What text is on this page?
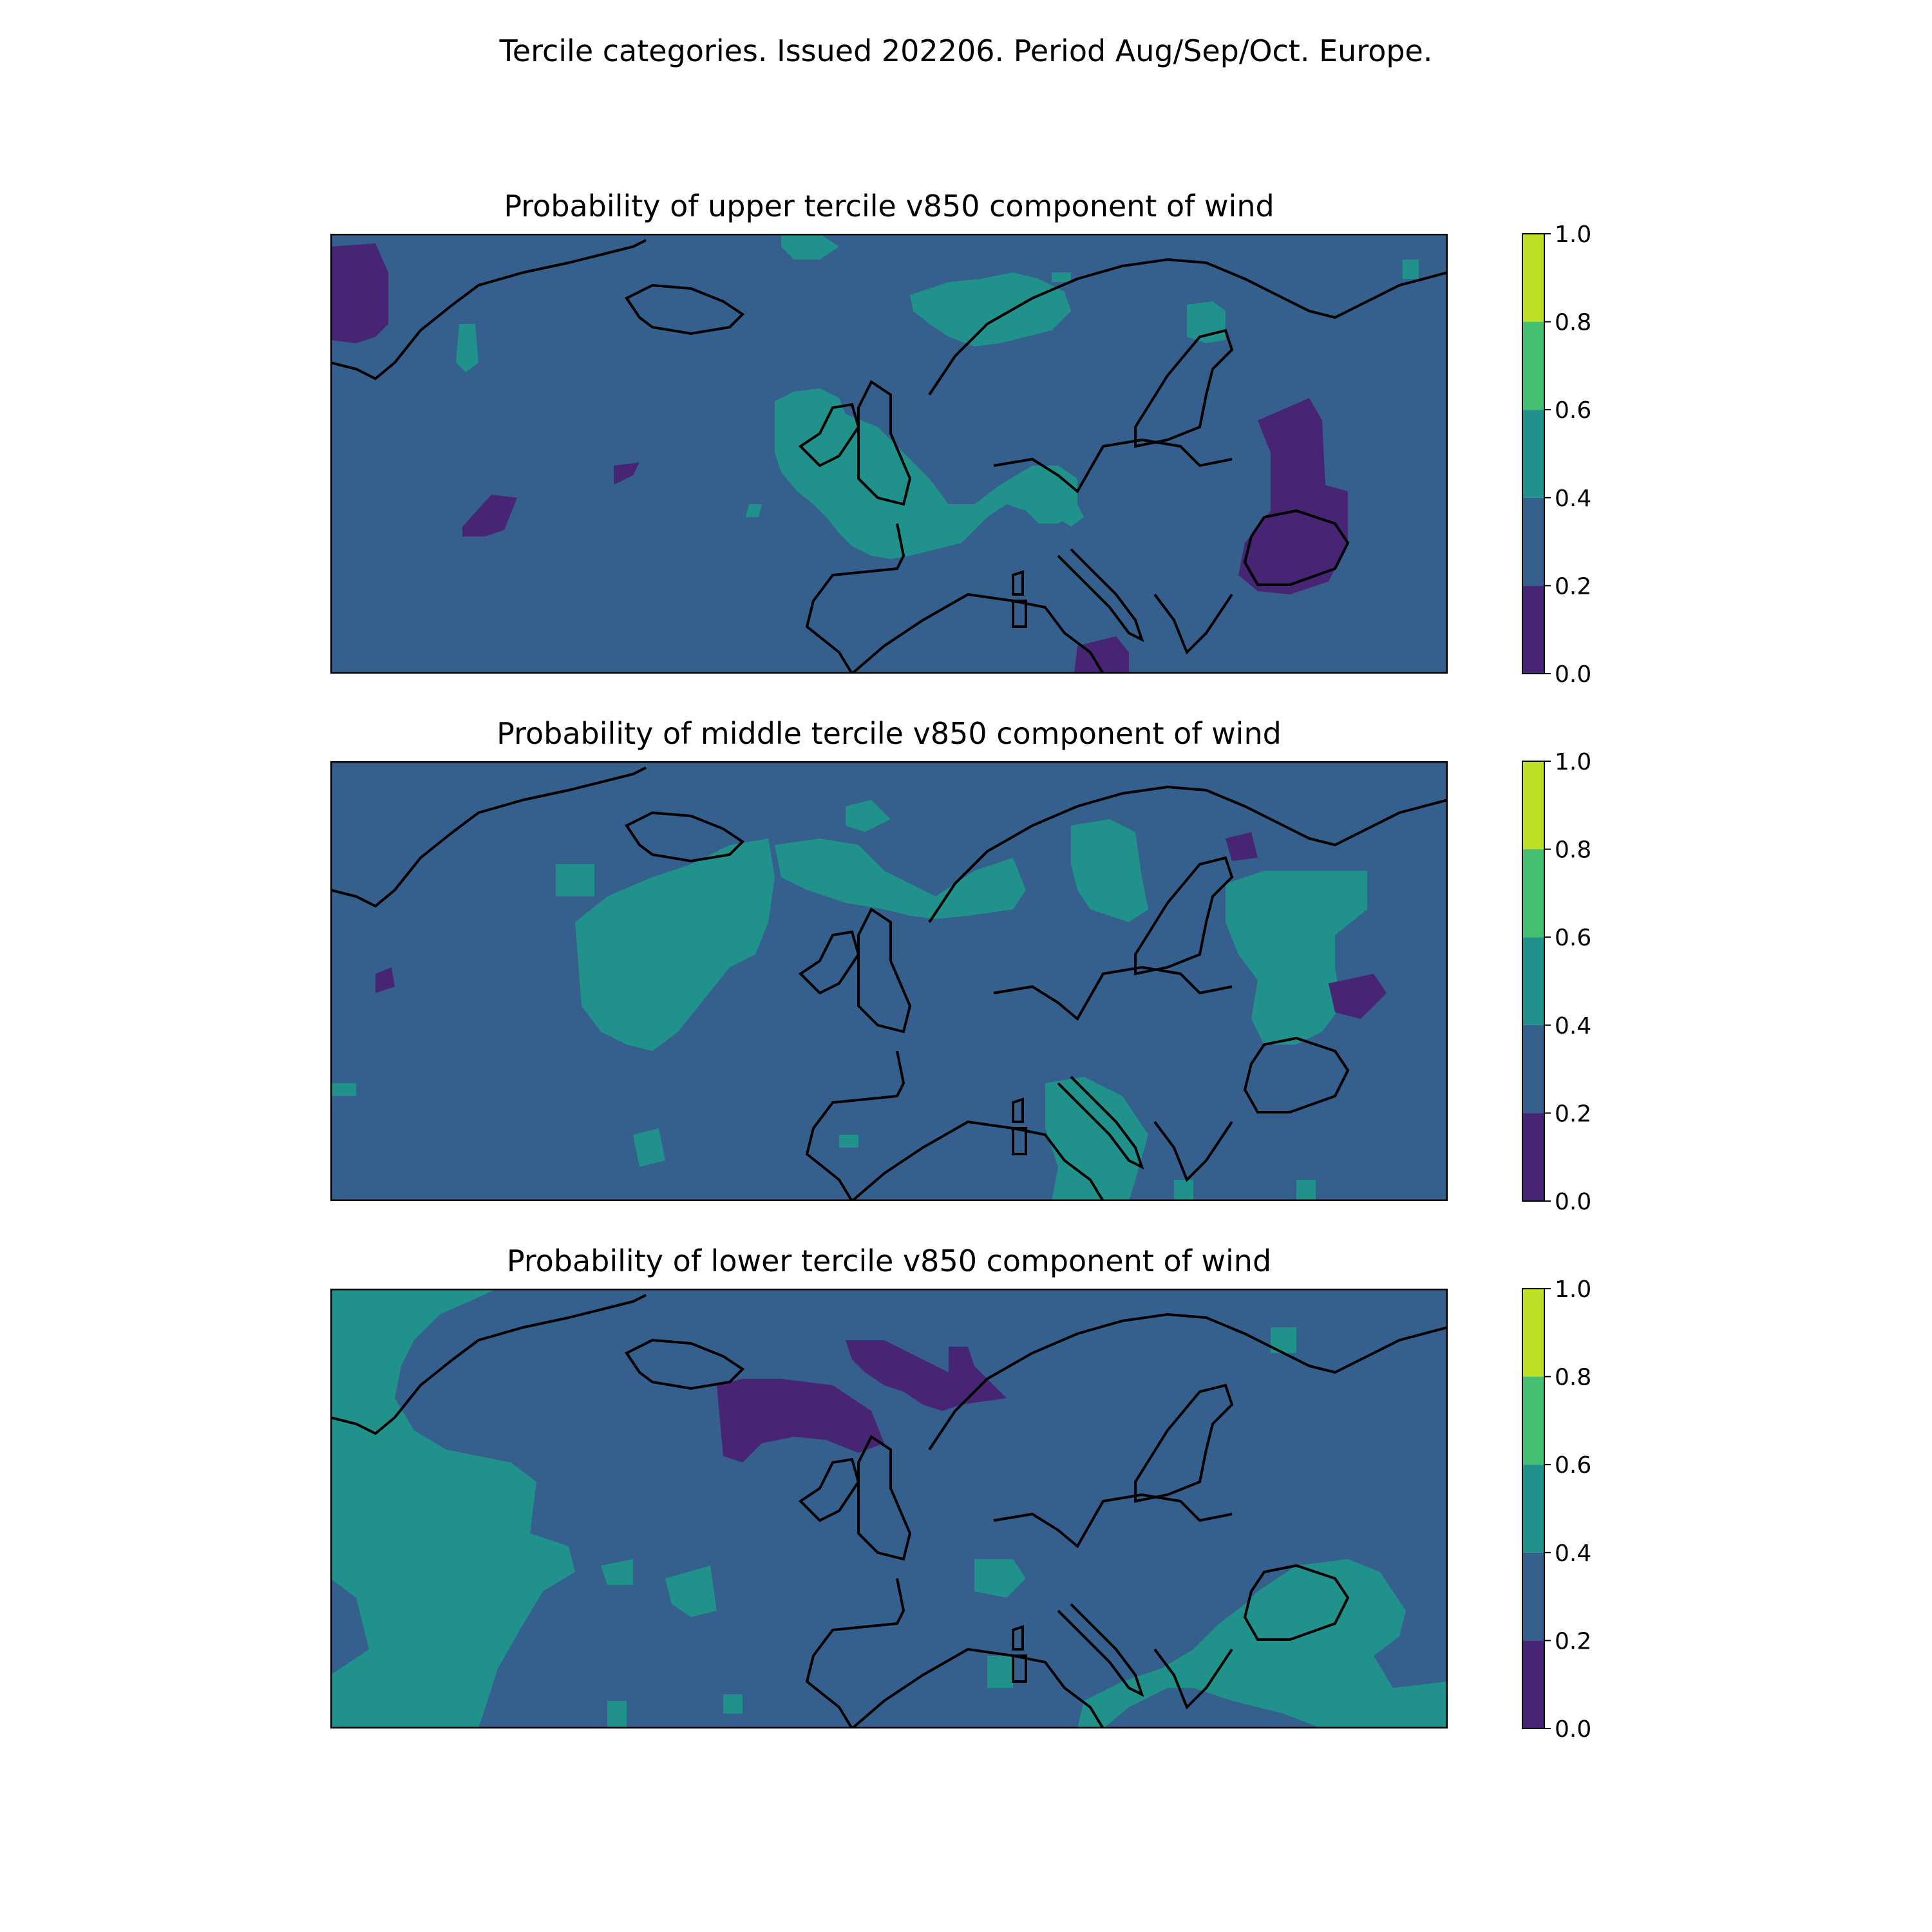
Tercile categories. Issued 202206. Period Aug/Sep/Oct. Europe.
Probability of upper tercile v850 component of wind
0.0
0.2
0.4
0.6
0.8
1.0
Probability of middle tercile v850 component of wind
0.0
0.2
0.4
0.6
0.8
1.0
Probability of lower tercile v850 component of wind
0.0
0.2
0.4
0.6
0.8
1.0
